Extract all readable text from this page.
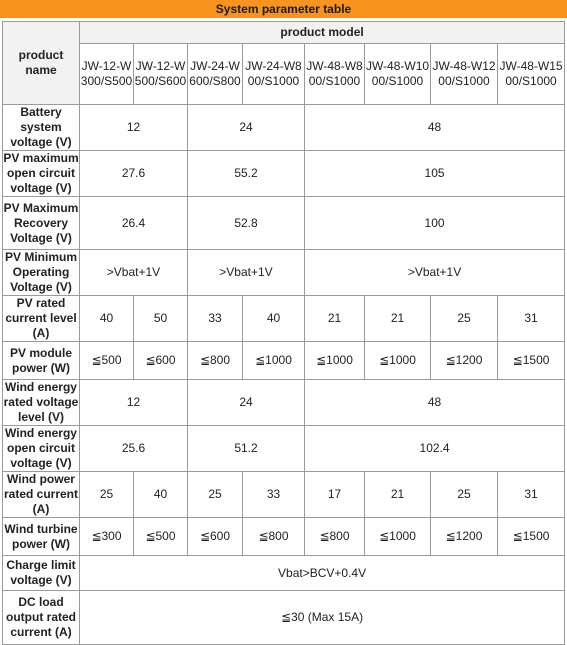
System parameter table
product name	product model							
	JW-12-W300/S500	JW-12-W500/S600	JW-24-W600/S800	JW-24-W800/S1000	JW-48-W800/S1000	JW-48-W1000/S1000	JW-48-W1200/S1000	JW-48-W1500/S1000
Battery system voltage (V)	12		24		48			
PV maximum open circuit voltage (V)	27.6		55.2		105			
PV Maximum Recovery Voltage (V)	26.4		52.8		100			
PV Minimum Operating Voltage (V)	>Vbat+1V		>Vbat+1V		>Vbat+1V			
PV rated current level (A)	40	50	33	40	21	21	25	31
PV module power (W)	≦500	≦600	≦800	≦1000	≦1000	≦1000	≦1200	≦1500
Wind energy rated voltage level (V)	12		24		48			
Wind energy open circuit voltage (V)	25.6		51.2		102.4			
Wind power rated current (A)	25	40	25	33	17	21	25	31
Wind turbine power (W)	≦300	≦500	≦600	≦800	≦800	≦1000	≦1200	≦1500
Charge limit voltage (V)	Vbat>BCV+0.4V							
DC load output rated current (A)	≦30 (Max 15A)							
